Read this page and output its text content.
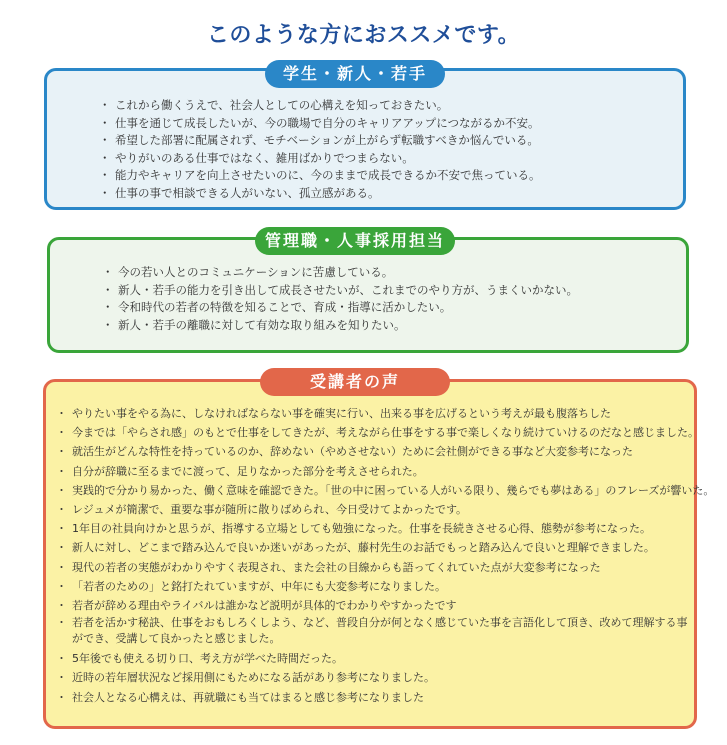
このような方におススメです。
・ これから働くうえで、社会人としての心構えを知っておきたい。
・ 仕事を通じて成長したいが、今の職場で自分のキャリアアップにつながるか不安。
・ 希望した部署に配属されず、モチベーションが上がらず転職すべきか悩んでいる。
・ やりがいのある仕事ではなく、雑用ばかりでつまらない。
・ 能力やキャリアを向上させたいのに、今のままで成長できるか不安で焦っている。
・ 仕事の事で相談できる人がいない、孤立感がある。
学生・新人・若手
・ 今の若い人とのコミュニケーションに苦慮している。
・ 新人・若手の能力を引き出して成長させたいが、これまでのやり方が、うまくいかない。
・ 令和時代の若者の特徴を知ることで、育成・指導に活かしたい。
・ 新人・若手の離職に対して有効な取り組みを知りたい。
管理職・人事採用担当
・ やりたい事をやる為に、しなければならない事を確実に行い、出来る事を広げるという考えが最も腹落ちした
・ 今までは「やらされ感」のもとで仕事をしてきたが、考えながら仕事をする事で楽しくなり続けていけるのだなと感じました。
・ 就活生がどんな特性を持っているのか、辞めない（やめさせない）ために会社側ができる事など大変参考になった
・ 自分が辞職に至るまでに渡って、足りなかった部分を考えさせられた。
・ 実践的で分かり易かった、働く意味を確認できた。「世の中に困っている人がいる限り、幾らでも夢はある」のフレーズが響いた。
・ レジュメが簡潔で、重要な事が随所に散りばめられ、今日受けてよかったです。
・ 1年目の社員向けかと思うが、指導する立場としても勉強になった。仕事を長続きさせる心得、態勢が参考になった。
・ 新人に対し、どこまで踏み込んで良いか迷いがあったが、藤村先生のお話でもっと踏み込んで良いと理解できました。
・ 現代の若者の実態がわかりやすく表現され、また会社の目線からも語ってくれていた点が大変参考になった
・ 「若者のための」と銘打たれていますが、中年にも大変参考になりました。
・ 若者が辞める理由やライバルは誰かなど説明が具体的でわかりやすかったです
・ 若者を活かす秘訣、仕事をおもしろくしよう、など、普段自分が何となく感じていた事を言語化して頂き、改めて理解する事ができ、受講して良かったと感じました。
・ 5年後でも使える切り口、考え方が学べた時間だった。
・ 近時の若年層状況など採用側にもためになる話があり参考になりました。
・ 社会人となる心構えは、再就職にも当てはまると感じ参考になりました
受講者の声
